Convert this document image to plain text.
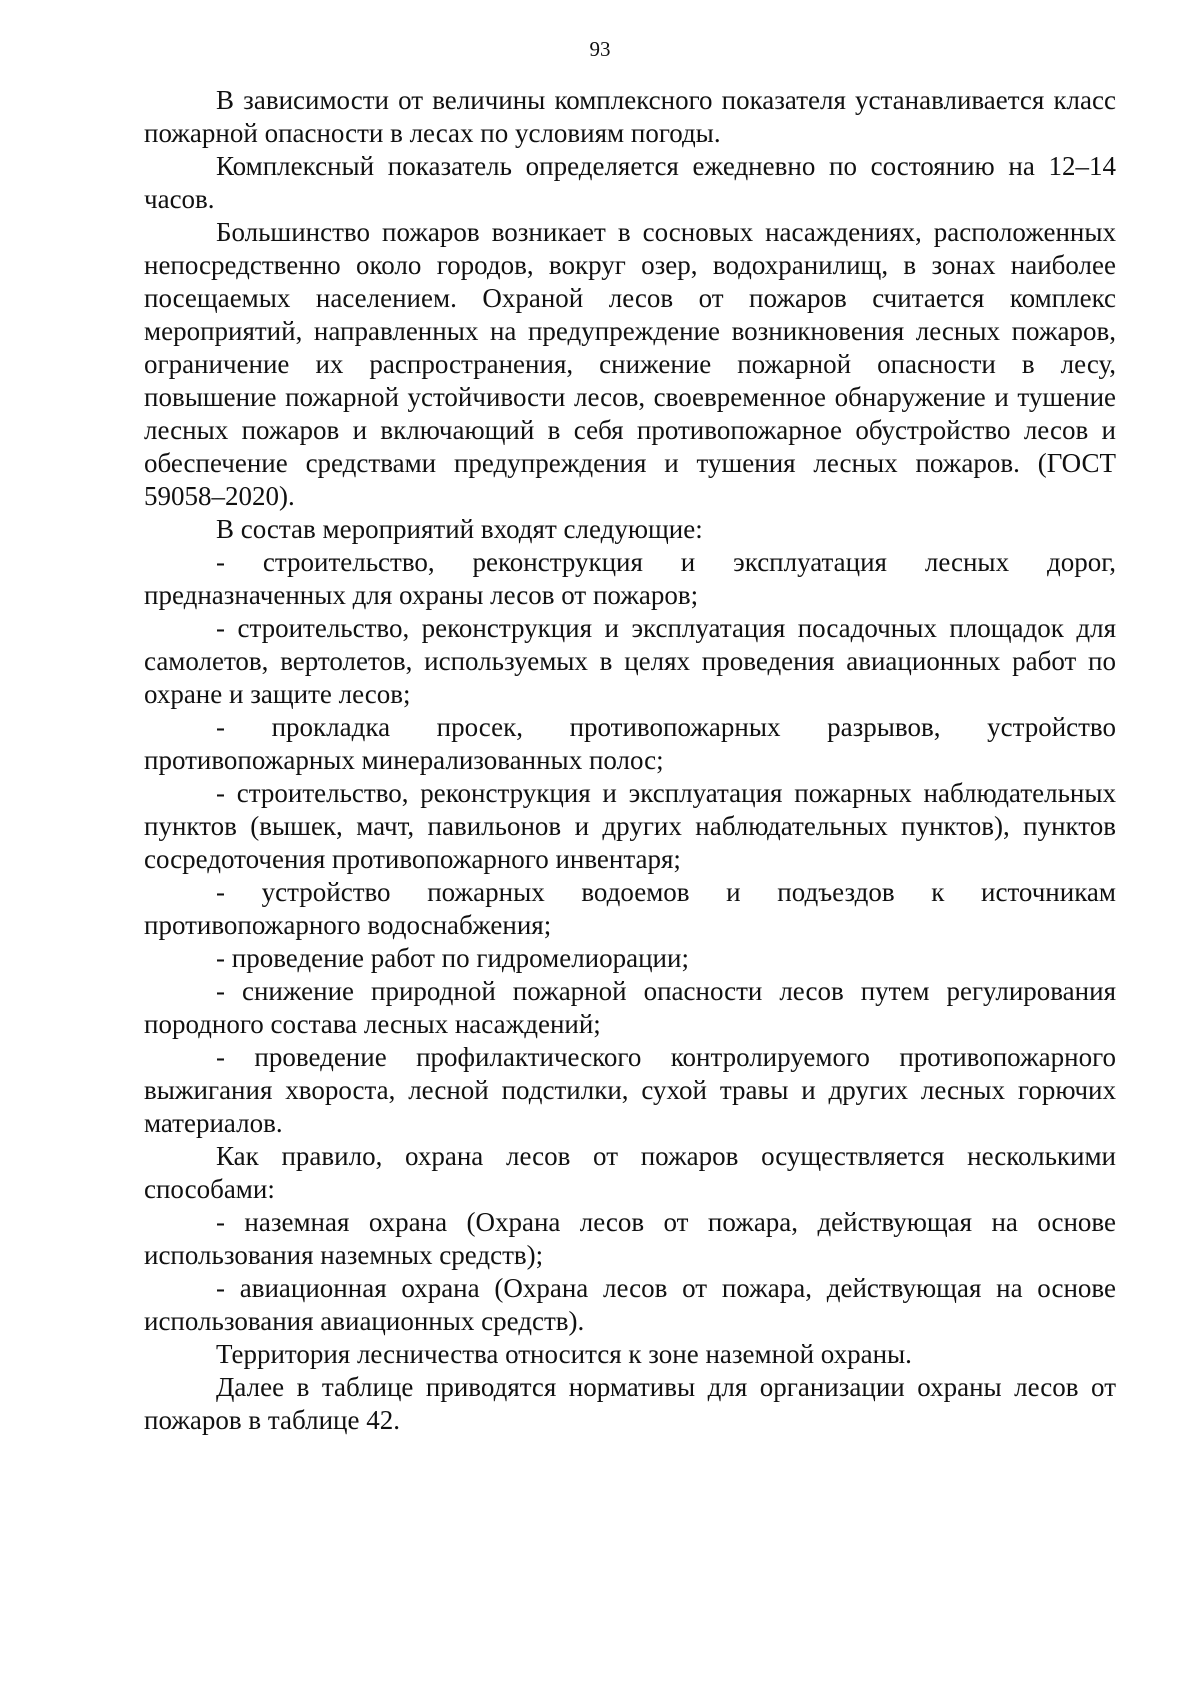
93

В зависимости от величины комплексного показателя устанавливается класс пожарной опасности в лесах по условиям погоды.

Комплексный показатель определяется ежедневно по состоянию на 12–14 часов.

Большинство пожаров возникает в сосновых насаждениях, расположенных непосредственно около городов, вокруг озер, водохранилищ, в зонах наиболее посещаемых населением. Охраной лесов от пожаров считается комплекс мероприятий, направленных на предупреждение возникновения лесных пожаров, ограничение их распространения, снижение пожарной опасности в лесу, повышение пожарной устойчивости лесов, своевременное обнаружение и тушение лесных пожаров и включающий в себя противопожарное обустройство лесов и обеспечение средствами предупреждения и тушения лесных пожаров. (ГОСТ 59058–2020).

В состав мероприятий входят следующие:

- строительство, реконструкция и эксплуатация лесных дорог, предназначенных для охраны лесов от пожаров;

- строительство, реконструкция и эксплуатация посадочных площадок для самолетов, вертолетов, используемых в целях проведения авиационных работ по охране и защите лесов;

- прокладка просек, противопожарных разрывов, устройство противопожарных минерализованных полос;

- строительство, реконструкция и эксплуатация пожарных наблюдательных пунктов (вышек, мачт, павильонов и других наблюдательных пунктов), пунктов сосредоточения противопожарного инвентаря;

- устройство пожарных водоемов и подъездов к источникам противопожарного водоснабжения;

- проведение работ по гидромелиорации;

- снижение природной пожарной опасности лесов путем регулирования породного состава лесных насаждений;

- проведение профилактического контролируемого противопожарного выжигания хвороста, лесной подстилки, сухой травы и других лесных горючих материалов.

Как правило, охрана лесов от пожаров осуществляется несколькими способами:

- наземная охрана (Охрана лесов от пожара, действующая на основе использования наземных средств);

- авиационная охрана (Охрана лесов от пожара, действующая на основе использования авиационных средств).

Территория лесничества относится к зоне наземной охраны.

Далее в таблице приводятся нормативы для организации охраны лесов от пожаров в таблице 42.
